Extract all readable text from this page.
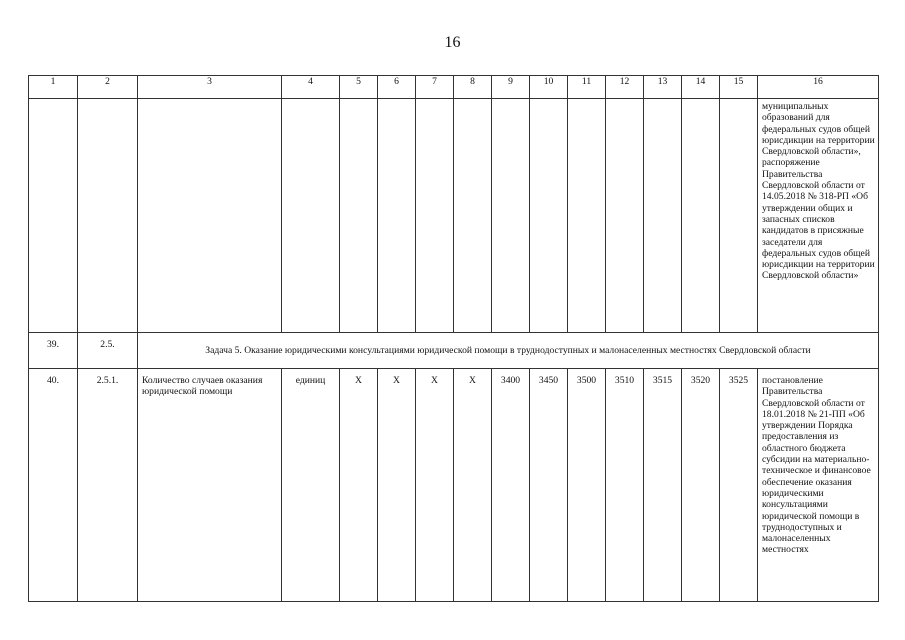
16
1	2	3	4	5	6	7	8	9	10	11	12	13	14	15	16
															муниципальных образований для федеральных судов общей юрисдикции на территории Свердловской области», распоряжение Правительства Свердловской области от 14.05.2018 № 318-РП «Об утверждении общих и запасных списков кандидатов в присяжные заседатели для федеральных судов общей юрисдикции на территории Свердловской области»
39.	2.5.	Задача 5. Оказание юридическими консультациями юридической помощи в труднодоступных и малонаселенных местностях Свердловской области													
40.	2.5.1.	Количество случаев оказания юридической помощи	единиц	X	X	X	X	3400	3450	3500	3510	3515	3520	3525	постановление Правительства Свердловской области от 18.01.2018 № 21-ПП «Об утверждении Порядка предоставления из областного бюджета субсидии на материально-техническое и финансовое обеспечение оказания юридическими консультациями юридической помощи в труднодоступных и малонаселенных местностях
